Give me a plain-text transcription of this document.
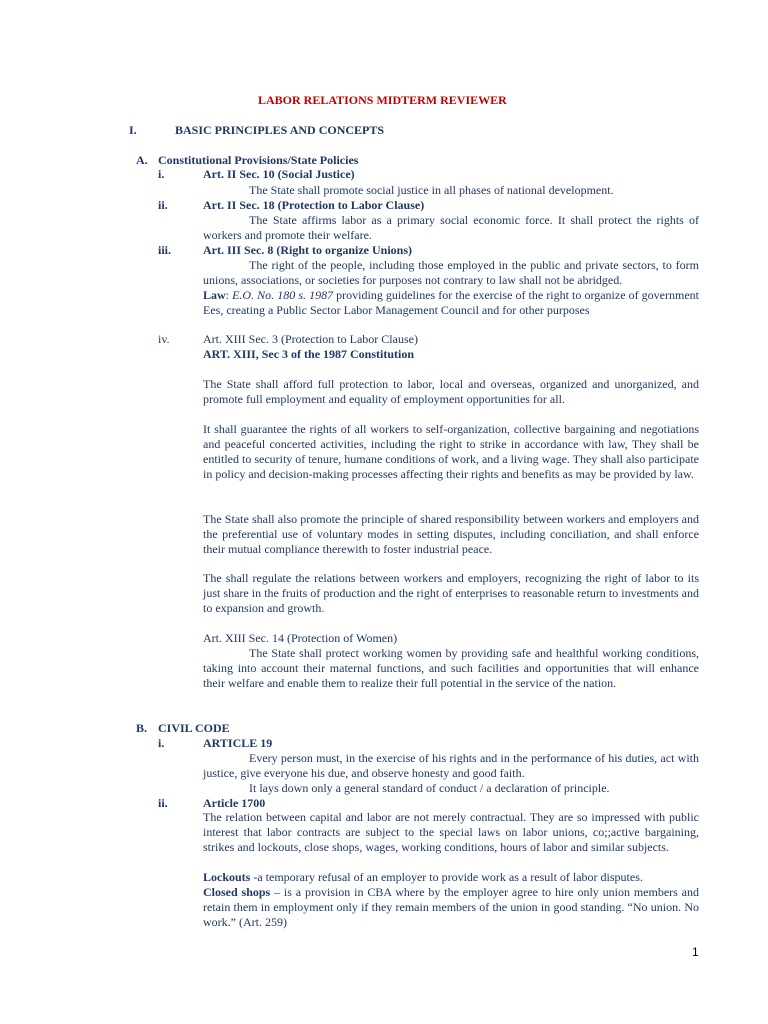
LABOR RELATIONS MIDTERM REVIEWER
I.	BASIC PRINCIPLES AND CONCEPTS
A. Constitutional Provisions/State Policies
i.	Art. II Sec. 10 (Social Justice)

The State shall promote social justice in all phases of national development.

ii.	Art. II Sec. 18 (Protection to Labor Clause)

The State affirms labor as a primary social economic force. It shall protect the rights of workers and promote their welfare.

iii.	Art. III Sec. 8 (Right to organize Unions)

The right of the people, including those employed in the public and private sectors, to form unions, associations, or societies for purposes not contrary to law shall not be abridged.

Law: E.O. No. 180 s. 1987 providing guidelines for the exercise of the right to organize of government Ees, creating a Public Sector Labor Management Council and for other purposes

iv.	Art. XIII Sec. 3 (Protection to Labor Clause)
ART. XIII, Sec 3 of the 1987 Constitution

The State shall afford full protection to labor, local and overseas, organized and unorganized, and promote full employment and equality of employment opportunities for all.

It shall guarantee the rights of all workers to self-organization, collective bargaining and negotiations and peaceful concerted activities, including the right to strike in accordance with law, They shall be entitled to security of tenure, humane conditions of work, and a living wage. They shall also participate in policy and decision-making processes affecting their rights and benefits as may be provided by law.

The State shall also promote the principle of shared responsibility between workers and employers and the preferential use of voluntary modes in setting disputes, including conciliation, and shall enforce their mutual compliance therewith to foster industrial peace.

The shall regulate the relations between workers and employers, recognizing the right of labor to its just share in the fruits of production and the right of enterprises to reasonable return to investments and to expansion and growth.

Art. XIII Sec. 14 (Protection of Women)

The State shall protect working women by providing safe and healthful working conditions, taking into account their maternal functions, and such facilities and opportunities that will enhance their welfare and enable them to realize their full potential in the service of the nation.

B. CIVIL CODE
i.	ARTICLE 19

Every person must, in the exercise of his rights and in the performance of his duties, act with justice, give everyone his due, and observe honesty and good faith.

It lays down only a general standard of conduct / a declaration of principle.

ii.	Article 1700

The relation between capital and labor are not merely contractual. They are so impressed with public interest that labor contracts are subject to the special laws on labor unions, co;;active bargaining, strikes and lockouts, close shops, wages, working conditions, hours of labor and similar subjects.

Lockouts -a temporary refusal of an employer to provide work as a result of labor disputes.

Closed shops – is a provision in CBA where by the employer agree to hire only union members and retain them in employment only if they remain members of the union in good standing. “No union. No work.” (Art. 259)

1
